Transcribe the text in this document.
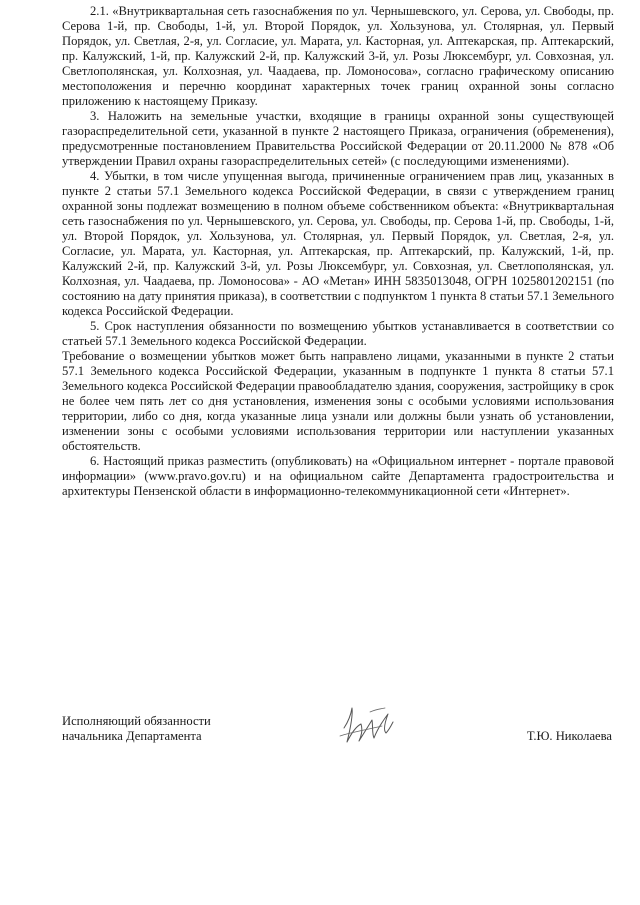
2.1. «Внутриквартальная сеть газоснабжения по ул. Чернышевского, ул. Серова, ул. Свободы, пр. Серова 1-й, пр. Свободы, 1-й, ул. Второй Порядок, ул. Хользунова, ул. Столярная, ул. Первый Порядок, ул. Светлая, 2-я, ул. Согласие, ул. Марата, ул. Касторная, ул. Аптекарская, пр. Аптекарский, пр. Калужский, 1-й, пр. Калужский 2-й, пр. Калужский 3-й, ул. Розы Люксембург, ул. Совхозная, ул. Светлополянская, ул. Колхозная, ул. Чаадаева, пр. Ломоносова», согласно графическому описанию местоположения и перечню координат характерных точек границ охранной зоны согласно приложению к настоящему Приказу.

3. Наложить на земельные участки, входящие в границы охранной зоны существующей газораспределительной сети, указанной в пункте 2 настоящего Приказа, ограничения (обременения), предусмотренные постановлением Правительства Российской Федерации от 20.11.2000 № 878 «Об утверждении Правил охраны газораспределительных сетей» (с последующими изменениями).

4. Убытки, в том числе упущенная выгода, причиненные ограничением прав лиц, указанных в пункте 2 статьи 57.1 Земельного кодекса Российской Федерации, в связи с утверждением границ охранной зоны подлежат возмещению в полном объеме собственником объекта: «Внутриквартальная сеть газоснабжения по ул. Чернышевского, ул. Серова, ул. Свободы, пр. Серова 1-й, пр. Свободы, 1-й, ул. Второй Порядок, ул. Хользунова, ул. Столярная, ул. Первый Порядок, ул. Светлая, 2-я, ул. Согласие, ул. Марата, ул. Касторная, ул. Аптекарская, пр. Аптекарский, пр. Калужский, 1-й, пр. Калужский 2-й, пр. Калужский 3-й, ул. Розы Люксембург, ул. Совхозная, ул. Светлополянская, ул. Колхозная, ул. Чаадаева, пр. Ломоносова» - АО «Метан» ИНН 5835013048, ОГРН 1025801202151 (по состоянию на дату принятия приказа), в соответствии с подпунктом 1 пункта 8 статьи 57.1 Земельного кодекса Российской Федерации.

5. Срок наступления обязанности по возмещению убытков устанавливается в соответствии со статьей 57.1 Земельного кодекса Российской Федерации.

Требование о возмещении убытков может быть направлено лицами, указанными в пункте 2 статьи 57.1 Земельного кодекса Российской Федерации, указанным в подпункте 1 пункта 8 статьи 57.1 Земельного кодекса Российской Федерации правообладателю здания, сооружения, застройщику в срок не более чем пять лет со дня установления, изменения зоны с особыми условиями использования территории, либо со дня, когда указанные лица узнали или должны были узнать об установлении, изменении зоны с особыми условиями использования территории или наступлении указанных обстоятельств.

6. Настоящий приказ разместить (опубликовать) на «Официальном интернет - портале правовой информации» (www.pravo.gov.ru) и на официальном сайте Департамента градостроительства и архитектуры Пензенской области в информационно-телекоммуникационной сети «Интернет».

Исполняющий обязанности
начальника Департамента	Т.Ю. Николаева
